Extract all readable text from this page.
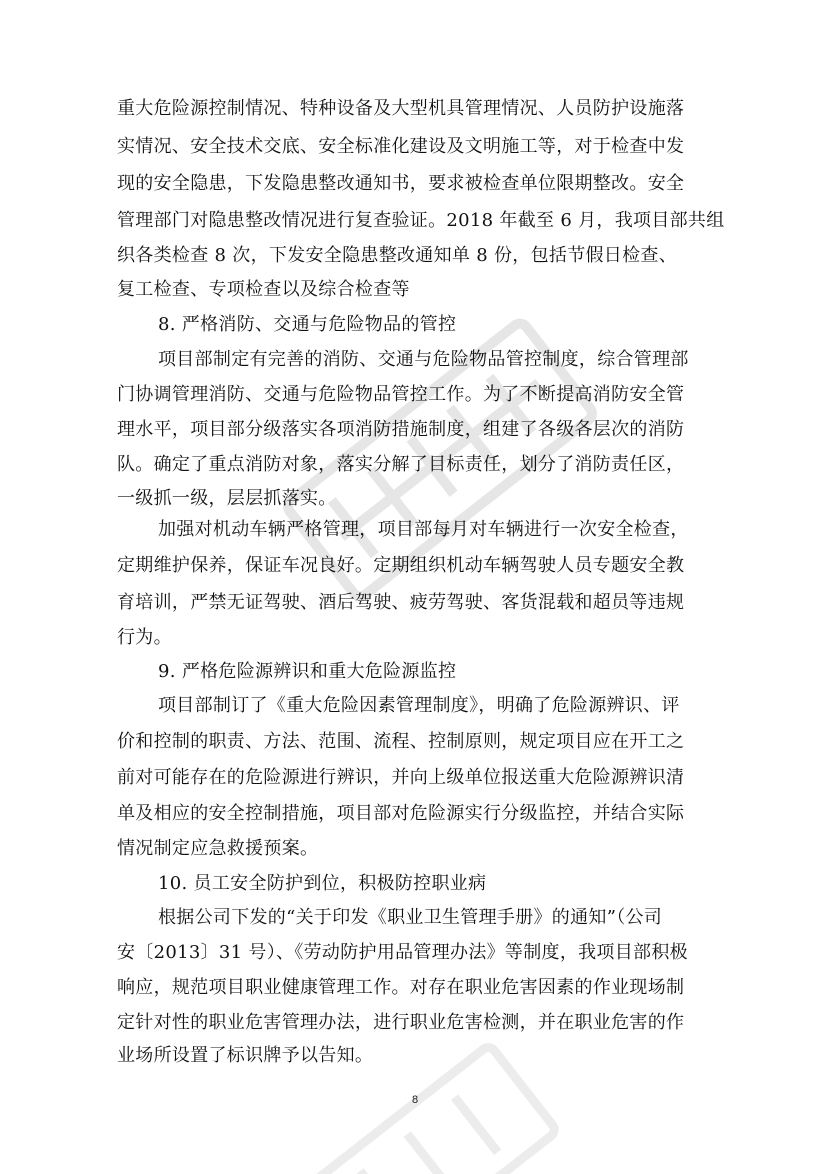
重大危险源控制情况、特种设备及大型机具管理情况、人员防护设施落
实情况、安全技术交底、安全标准化建设及文明施工等，对于检查中发
现的安全隐患，下发隐患整改通知书，要求被检查单位限期整改。安全
管理部门对隐患整改情况进行复查验证。2018 年截至 6 月，我项目部共组
织各类检查 8 次，下发安全隐患整改通知单 8 份，包括节假日检查、
复工检查、专项检查以及综合检查等
8. 严格消防、交通与危险物品的管控
项目部制定有完善的消防、交通与危险物品管控制度，综合管理部
门协调管理消防、交通与危险物品管控工作。为了不断提高消防安全管
理水平，项目部分级落实各项消防措施制度，组建了各级各层次的消防
队。确定了重点消防对象，落实分解了目标责任，划分了消防责任区，
一级抓一级，层层抓落实。
加强对机动车辆严格管理，项目部每月对车辆进行一次安全检查，
定期维护保养，保证车况良好。定期组织机动车辆驾驶人员专题安全教
育培训，严禁无证驾驶、酒后驾驶、疲劳驾驶、客货混载和超员等违规
行为。
9. 严格危险源辨识和重大危险源监控
项目部制订了《重大危险因素管理制度》，明确了危险源辨识、评
价和控制的职责、方法、范围、流程、控制原则，规定项目应在开工之
前对可能存在的危险源进行辨识，并向上级单位报送重大危险源辨识清
单及相应的安全控制措施，项目部对危险源实行分级监控，并结合实际
情况制定应急救援预案。
10. 员工安全防护到位，积极防控职业病
根据公司下发的“关于印发《职业卫生管理手册》的通知”（公司
安〔2013〕31 号）、《劳动防护用品管理办法》等制度，我项目部积极
响应，规范项目职业健康管理工作。对存在职业危害因素的作业现场制
定针对性的职业危害管理办法，进行职业危害检测，并在职业危害的作
业场所设置了标识牌予以告知。
8
